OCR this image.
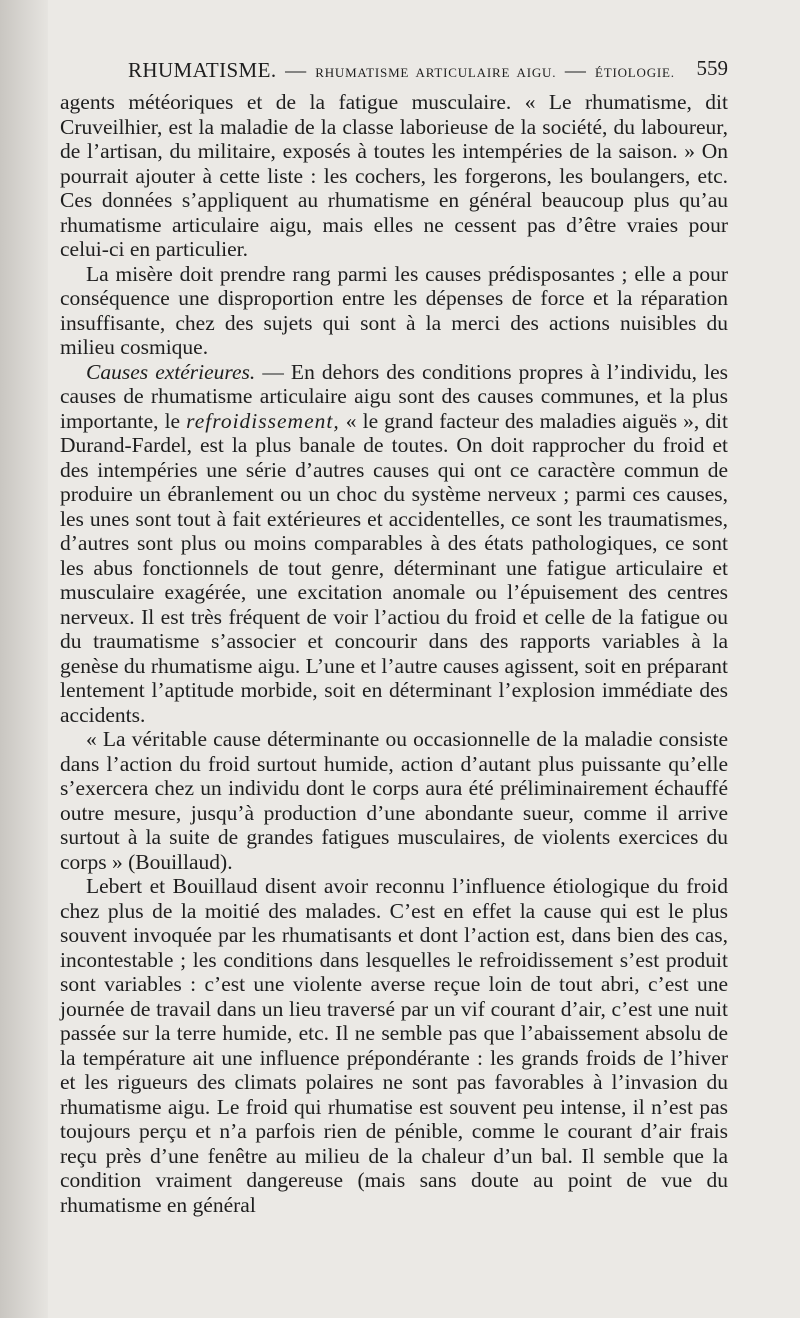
RHUMATISME. — RHUMATISME ARTICULAIRE AIGU. — ÉTIOLOGIE. 559

agents météoriques et de la fatigue musculaire. « Le rhumatisme, dit Cruveilhier, est la maladie de la classe laborieuse de la société, du laboureur, de l’artisan, du militaire, exposés à toutes les intempéries de la saison. » On pourrait ajouter à cette liste : les cochers, les forgerons, les boulangers, etc. Ces données s’appliquent au rhumatisme en général beaucoup plus qu’au rhumatisme articulaire aigu, mais elles ne cessent pas d’être vraies pour celui-ci en particulier.

La misère doit prendre rang parmi les causes prédisposantes ; elle a pour conséquence une disproportion entre les dépenses de force et la réparation insuffisante, chez des sujets qui sont à la merci des actions nuisibles du milieu cosmique.

Causes extérieures. — En dehors des conditions propres à l’individu, les causes de rhumatisme articulaire aigu sont des causes communes, et la plus importante, le refroidissement, « le grand facteur des maladies aiguës », dit Durand-Fardel, est la plus banale de toutes. On doit rapprocher du froid et des intempéries une série d’autres causes qui ont ce caractère commun de produire un ébranlement ou un choc du système nerveux ; parmi ces causes, les unes sont tout à fait extérieures et accidentelles, ce sont les traumatismes, d’autres sont plus ou moins comparables à des états pathologiques, ce sont les abus fonctionnels de tout genre, déterminant une fatigue articulaire et musculaire exagérée, une excitation anomale ou l’épuisement des centres nerveux. Il est très fréquent de voir l’actiou du froid et celle de la fatigue ou du traumatisme s’associer et concourir dans des rapports variables à la genèse du rhumatisme aigu. L’une et l’autre causes agissent, soit en préparant lentement l’aptitude morbide, soit en déterminant l’explosion immédiate des accidents.

« La véritable cause déterminante ou occasionnelle de la maladie consiste dans l’action du froid surtout humide, action d’autant plus puissante qu’elle s’exercera chez un individu dont le corps aura été préliminairement échauffé outre mesure, jusqu’à production d’une abondante sueur, comme il arrive surtout à la suite de grandes fatigues musculaires, de violents exercices du corps » (Bouillaud).

Lebert et Bouillaud disent avoir reconnu l’influence étiologique du froid chez plus de la moitié des malades. C’est en effet la cause qui est le plus souvent invoquée par les rhumatisants et dont l’action est, dans bien des cas, incontestable ; les conditions dans lesquelles le refroidissement s’est produit sont variables : c’est une violente averse reçue loin de tout abri, c’est une journée de travail dans un lieu traversé par un vif courant d’air, c’est une nuit passée sur la terre humide, etc. Il ne semble pas que l’abaissement absolu de la température ait une influence prépondérante : les grands froids de l’hiver et les rigueurs des climats polaires ne sont pas favorables à l’invasion du rhumatisme aigu. Le froid qui rhumatise est souvent peu intense, il n’est pas toujours perçu et n’a parfois rien de pénible, comme le courant d’air frais reçu près d’une fenêtre au milieu de la chaleur d’un bal. Il semble que la condition vraiment dangereuse (mais sans doute au point de vue du rhumatisme en général
